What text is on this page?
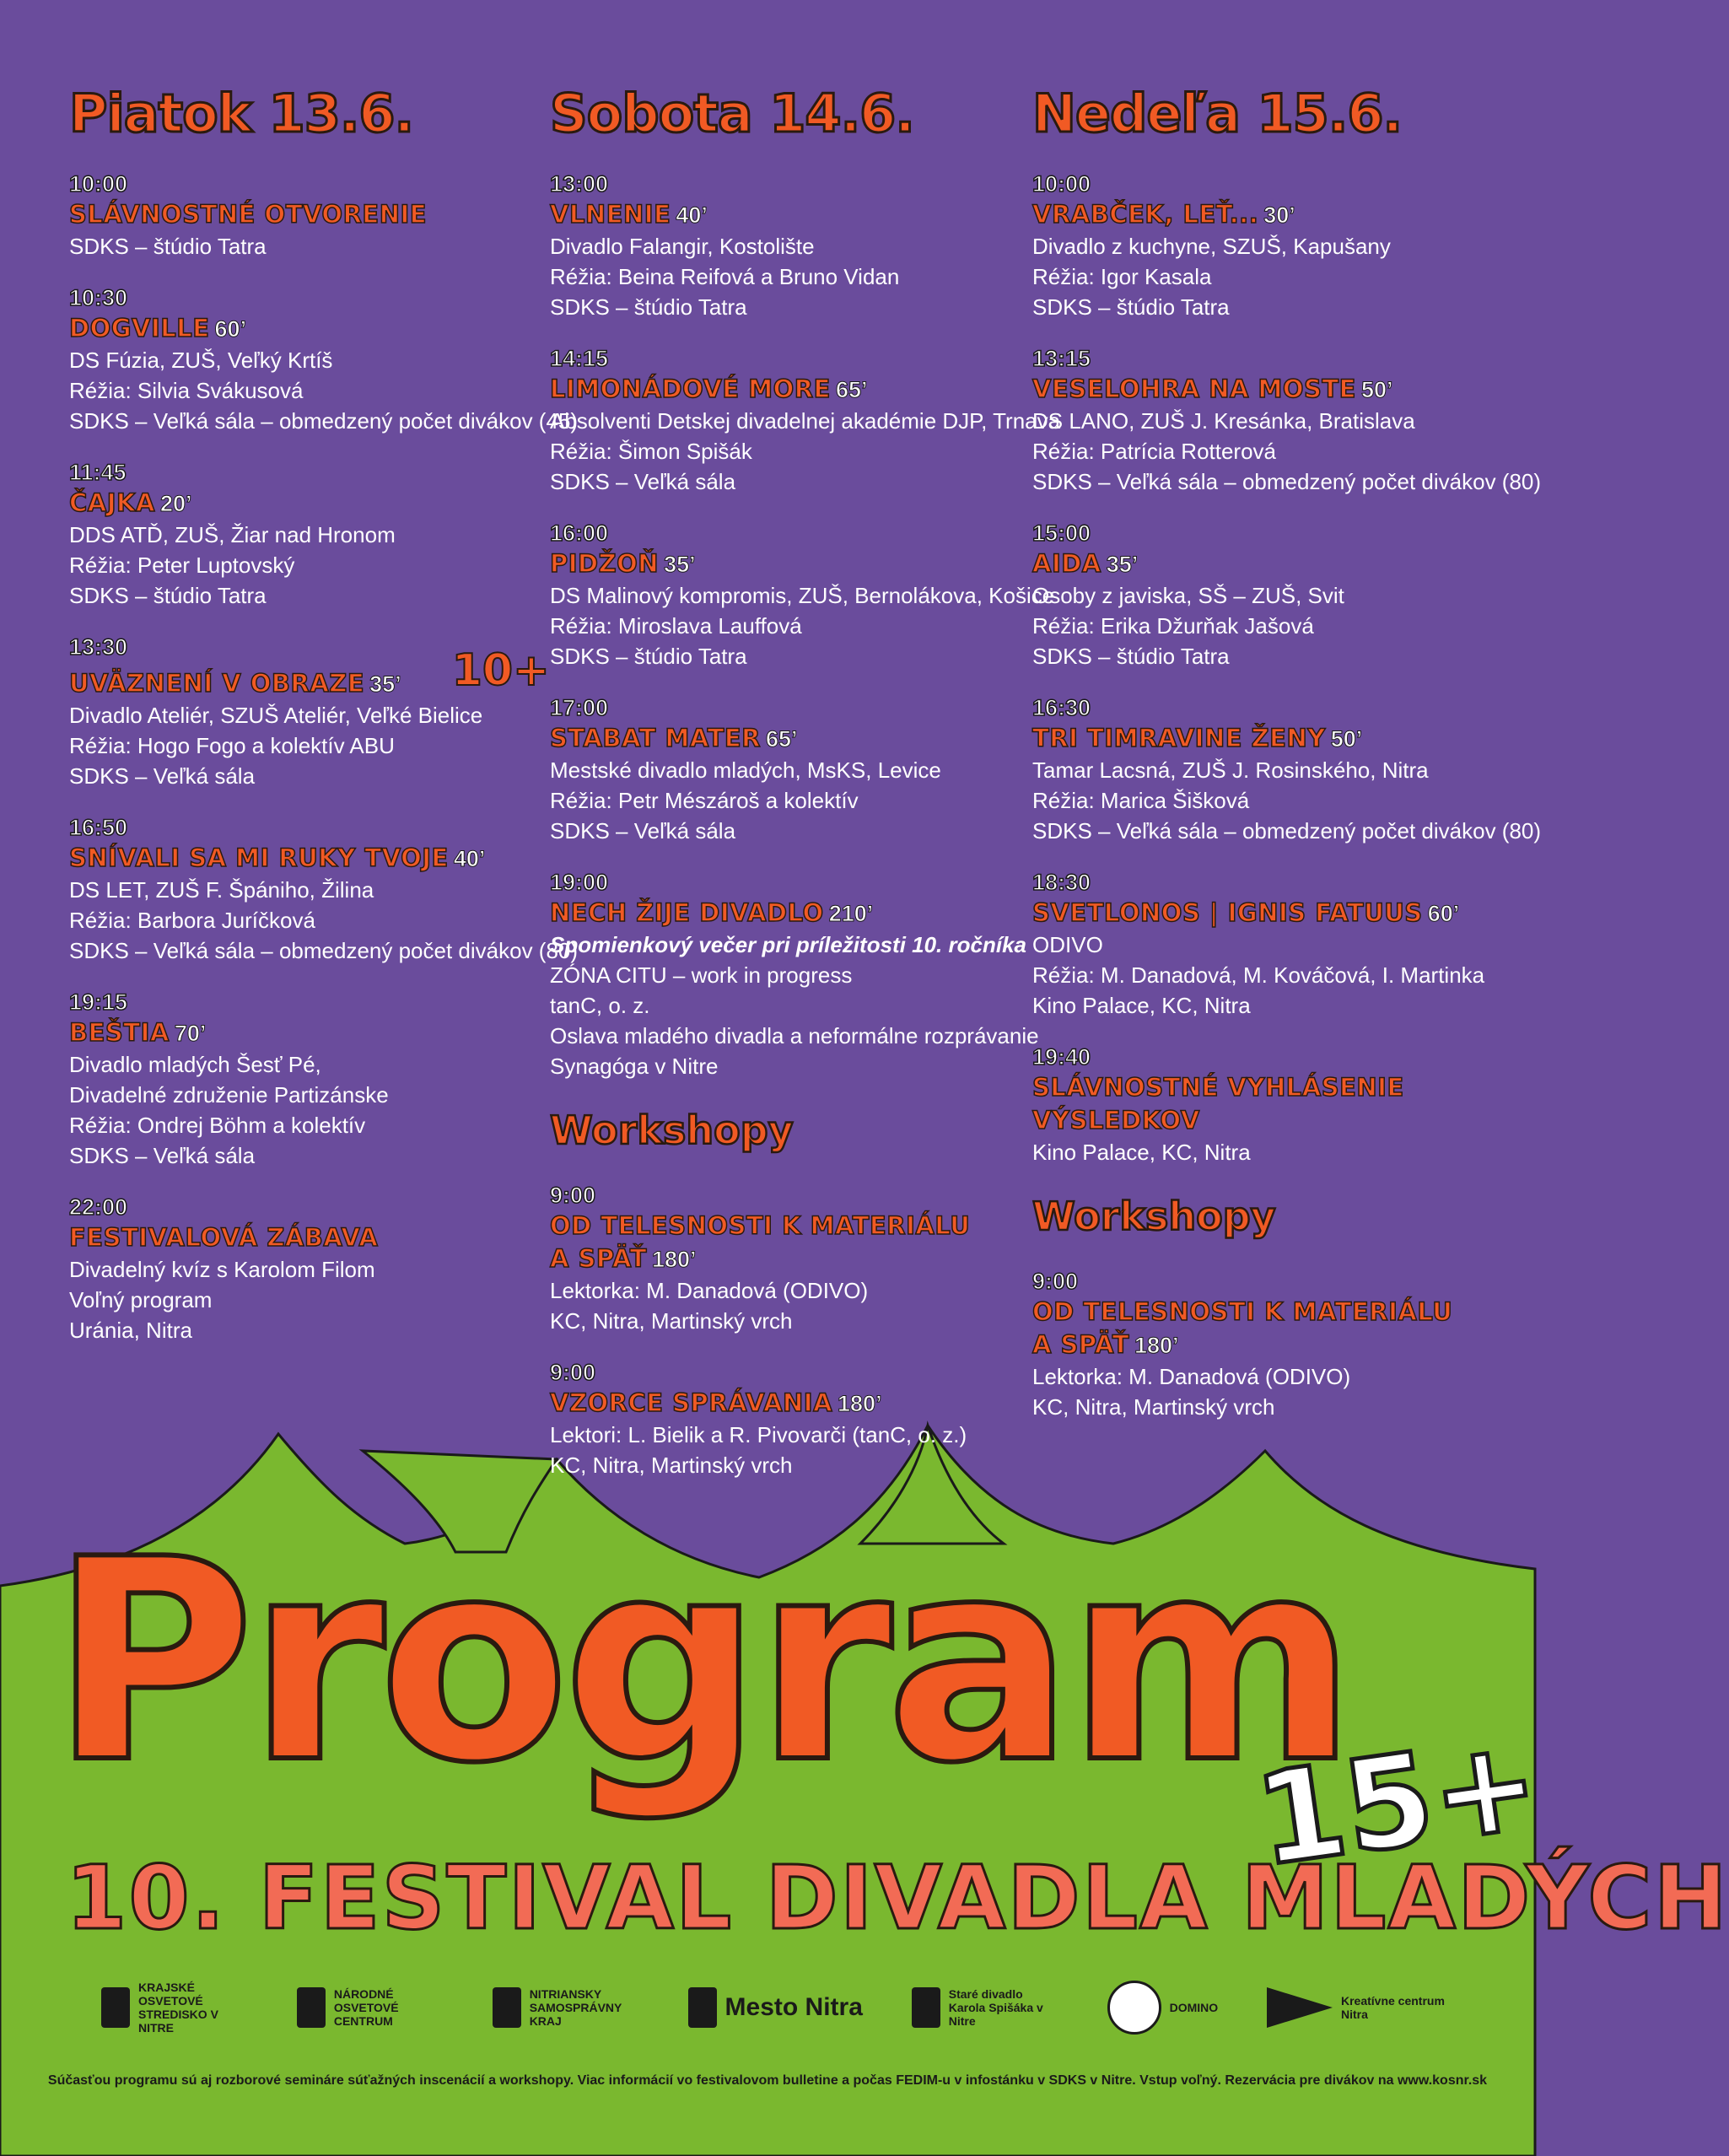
Piatok 13.6.
10:00
SLÁVNOSTNÉ OTVORENIE
SDKS – štúdio Tatra
10:30
DOGVILLE 60’
DS Fúzia, ZUŠ, Veľký Krtíš
Réžia: Silvia Svákusová
SDKS – Veľká sála – obmedzený počet divákov (45)
11:45
ČAJKA 20’
DDS ATĎ, ZUŠ, Žiar nad Hronom
Réžia: Peter Luptovský
SDKS – štúdio Tatra
13:30
UVÄZNENÍ V OBRAZE 35’ 10+
Divadlo Ateliér, SZUŠ Ateliér, Veľké Bielice
Réžia: Hogo Fogo a kolektív ABU
SDKS – Veľká sála
16:50
SNÍVALI SA MI RUKY TVOJE 40’
DS LET, ZUŠ F. Špániho, Žilina
Réžia: Barbora Juríčková
SDKS – Veľká sála – obmedzený počet divákov (80)
19:15
BEŠTIA 70’
Divadlo mladých Šesť Pé,
Divadelné združenie Partizánske
Réžia: Ondrej Böhm a kolektív
SDKS – Veľká sála
22:00
FESTIVALOVÁ ZÁBAVA
Divadelný kvíz s Karolom Filom
Voľný program
Uránia, Nitra
Sobota 14.6.
13:00
VLNENIE 40’
Divadlo Falangir, Kostolište
Réžia: Beina Reifová a Bruno Vidan
SDKS – štúdio Tatra
14:15
LIMONÁDOVÉ MORE 65’
Absolventi Detskej divadelnej akadémie DJP, Trnava
Réžia: Šimon Spišák
SDKS – Veľká sála
16:00
PIDŽOŇ 35’
DS Malinový kompromis, ZUŠ, Bernolákova, Košice
Réžia: Miroslava Lauffová
SDKS – štúdio Tatra
17:00
STABAT MATER 65’
Mestské divadlo mladých, MsKS, Levice
Réžia: Petr Mészároš a kolektív
SDKS – Veľká sála
19:00
NECH ŽIJE DIVADLO 210’
Spomienkový večer pri príležitosti 10. ročníka
ZÓNA CITU – work in progress
tanC, o. z.
Oslava mladého divadla a neformálne rozprávanie
Synagóga v Nitre
Workshopy
9:00
OD TELESNOSTI K MATERIÁLU
A SPÄŤ 180’
Lektorka: M. Danadová (ODIVO)
KC, Nitra, Martinský vrch
9:00
VZORCE SPRÁVANIA 180’
Lektori: L. Bielik a R. Pivovarči (tanC, o. z.)
KC, Nitra, Martinský vrch
Nedeľa 15.6.
10:00
VRABČEK, LEŤ... 30’
Divadlo z kuchyne, SZUŠ, Kapušany
Réžia: Igor Kasala
SDKS – štúdio Tatra
13:15
VESELOHRA NA MOSTE 50’
DS LANO, ZUŠ J. Kresánka, Bratislava
Réžia: Patrícia Rotterová
SDKS – Veľká sála – obmedzený počet divákov (80)
15:00
AIDA 35’
Osoby z javiska, SŠ – ZUŠ, Svit
Réžia: Erika Džurňak Jašová
SDKS – štúdio Tatra
16:30
TRI TIMRAVINE ŽENY 50’
Tamar Lacsná, ZUŠ J. Rosinského, Nitra
Réžia: Marica Šišková
SDKS – Veľká sála – obmedzený počet divákov (80)
18:30
SVETLONOS | IGNIS FATUUS 60’
ODIVO
Réžia: M. Danadová, M. Kováčová, I. Martinka
Kino Palace, KC, Nitra
19:40
SLÁVNOSTNÉ VYHLÁSENIE
VÝSLEDKOV
Kino Palace, KC, Nitra
Workshopy
9:00
OD TELESNOSTI K MATERIÁLU
A SPÄŤ 180’
Lektorka: M. Danadová (ODIVO)
KC, Nitra, Martinský vrch
Program
15+
10. FESTIVAL DIVADLA MLADÝCH
KRAJSKÉ OSVETOVÉ STREDISKO V NITRE
NÁRODNÉ OSVETOVÉ CENTRUM
NITRIANSKY SAMOSPRÁVNY KRAJ	Mesto Nitra	Staré divadlo Karola Spišáka v Nitre
DOMINO	Kreatívne centrum Nitra
Súčasťou programu sú aj rozborové semináre súťažných inscenácií a workshopy. Viac informácií vo festivalovom bulletine a počas FEDIM-u v infostánku v SDKS v Nitre. Vstup voľný. Rezervácia pre divákov na www.kosnr.sk
